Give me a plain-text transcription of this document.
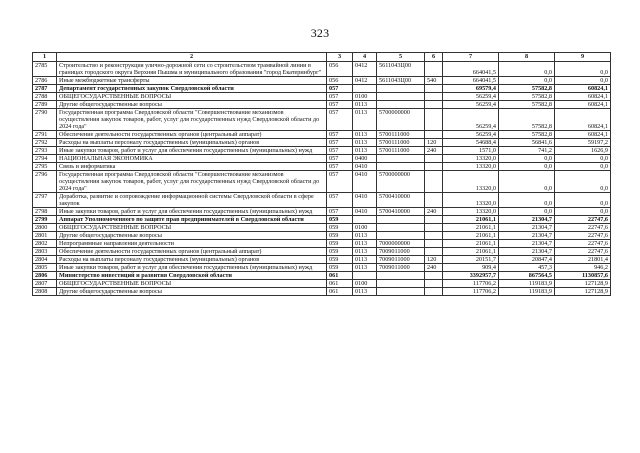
323
1	2	3	4	5	6	7	8	9
2785	Строительство и реконструкция улично-дорожной сети со строительством трамвайной линии в границах городского округа Верхняя Пышма и муниципального образования "город Екатеринбург"	056	0412	5611043Ц00		664041,5	0,0	0,0
2786	Иные межбюджетные трансферты	056	0412	5611043Ц00	540	664041,5	0,0	0,0
2787	Департамент государственных закупок Свердловской области	057				69579,4	57582,8	60824,1
2788	ОБЩЕГОСУДАРСТВЕННЫЕ ВОПРОСЫ	057	0100			56259,4	57582,8	60824,1
2789	Другие общегосударственные вопросы	057	0113			56259,4	57582,8	60824,1
2790	Государственная программа Свердловской области "Совершенствование механизмов осуществления закупок товаров, работ, услуг для государственных нужд Свердловской области до 2024 года"	057	0113	5700000000		56259,4	57582,8	60824,1
2791	Обеспечение деятельности государственных органов (центральный аппарат)	057	0113	5700111000		56259,4	57582,8	60824,1
2792	Расходы на выплаты персоналу государственных (муниципальных) органов	057	0113	5700111000	120	54688,4	56841,6	59197,2
2793	Иные закупки товаров, работ и услуг для обеспечения государственных (муниципальных) нужд	057	0113	5700111000	240	1571,0	741,2	1626,9
2794	НАЦИОНАЛЬНАЯ ЭКОНОМИКА	057	0400			13320,0	0,0	0,0
2795	Связь и информатика	057	0410			13320,0	0,0	0,0
2796	Государственная программа Свердловской области "Совершенствование механизмов осуществления закупок товаров, работ, услуг для государственных нужд Свердловской области до 2024 года"	057	0410	5700000000		13320,0	0,0	0,0
2797	Доработка, развитие и сопровождение информационной системы Свердловской области в сфере закупок	057	0410	5700410000		13320,0	0,0	0,0
2798	Иные закупки товаров, работ и услуг для обеспечения государственных (муниципальных) нужд	057	0410	5700410000	240	13320,0	0,0	0,0
2799	Аппарат Уполномоченного по защите прав предпринимателей в Свердловской области	059				21061,1	21304,7	22747,6
2800	ОБЩЕГОСУДАРСТВЕННЫЕ ВОПРОСЫ	059	0100			21061,1	21304,7	22747,6
2801	Другие общегосударственные вопросы	059	0113			21061,1	21304,7	22747,6
2802	Непрограммные направления деятельности	059	0113	7000000000		21061,1	21304,7	22747,6
2803	Обеспечение деятельности государственных органов (центральный аппарат)	059	0113	7009011000		21061,1	21304,7	22747,6
2804	Расходы на выплаты персоналу государственных (муниципальных) органов	059	0113	7009011000	120	20151,7	20847,4	21801,4
2805	Иные закупки товаров, работ и услуг для обеспечения государственных (муниципальных) нужд	059	0113	7009011000	240	909,4	457,3	946,2
2806	Министерство инвестиций и развития Свердловской области	061				3392957,7	867564,5	1130857,6
2807	ОБЩЕГОСУДАРСТВЕННЫЕ ВОПРОСЫ	061	0100			117706,2	119183,9	127128,9
2808	Другие общегосударственные вопросы	061	0113			117706,2	119183,9	127128,9
